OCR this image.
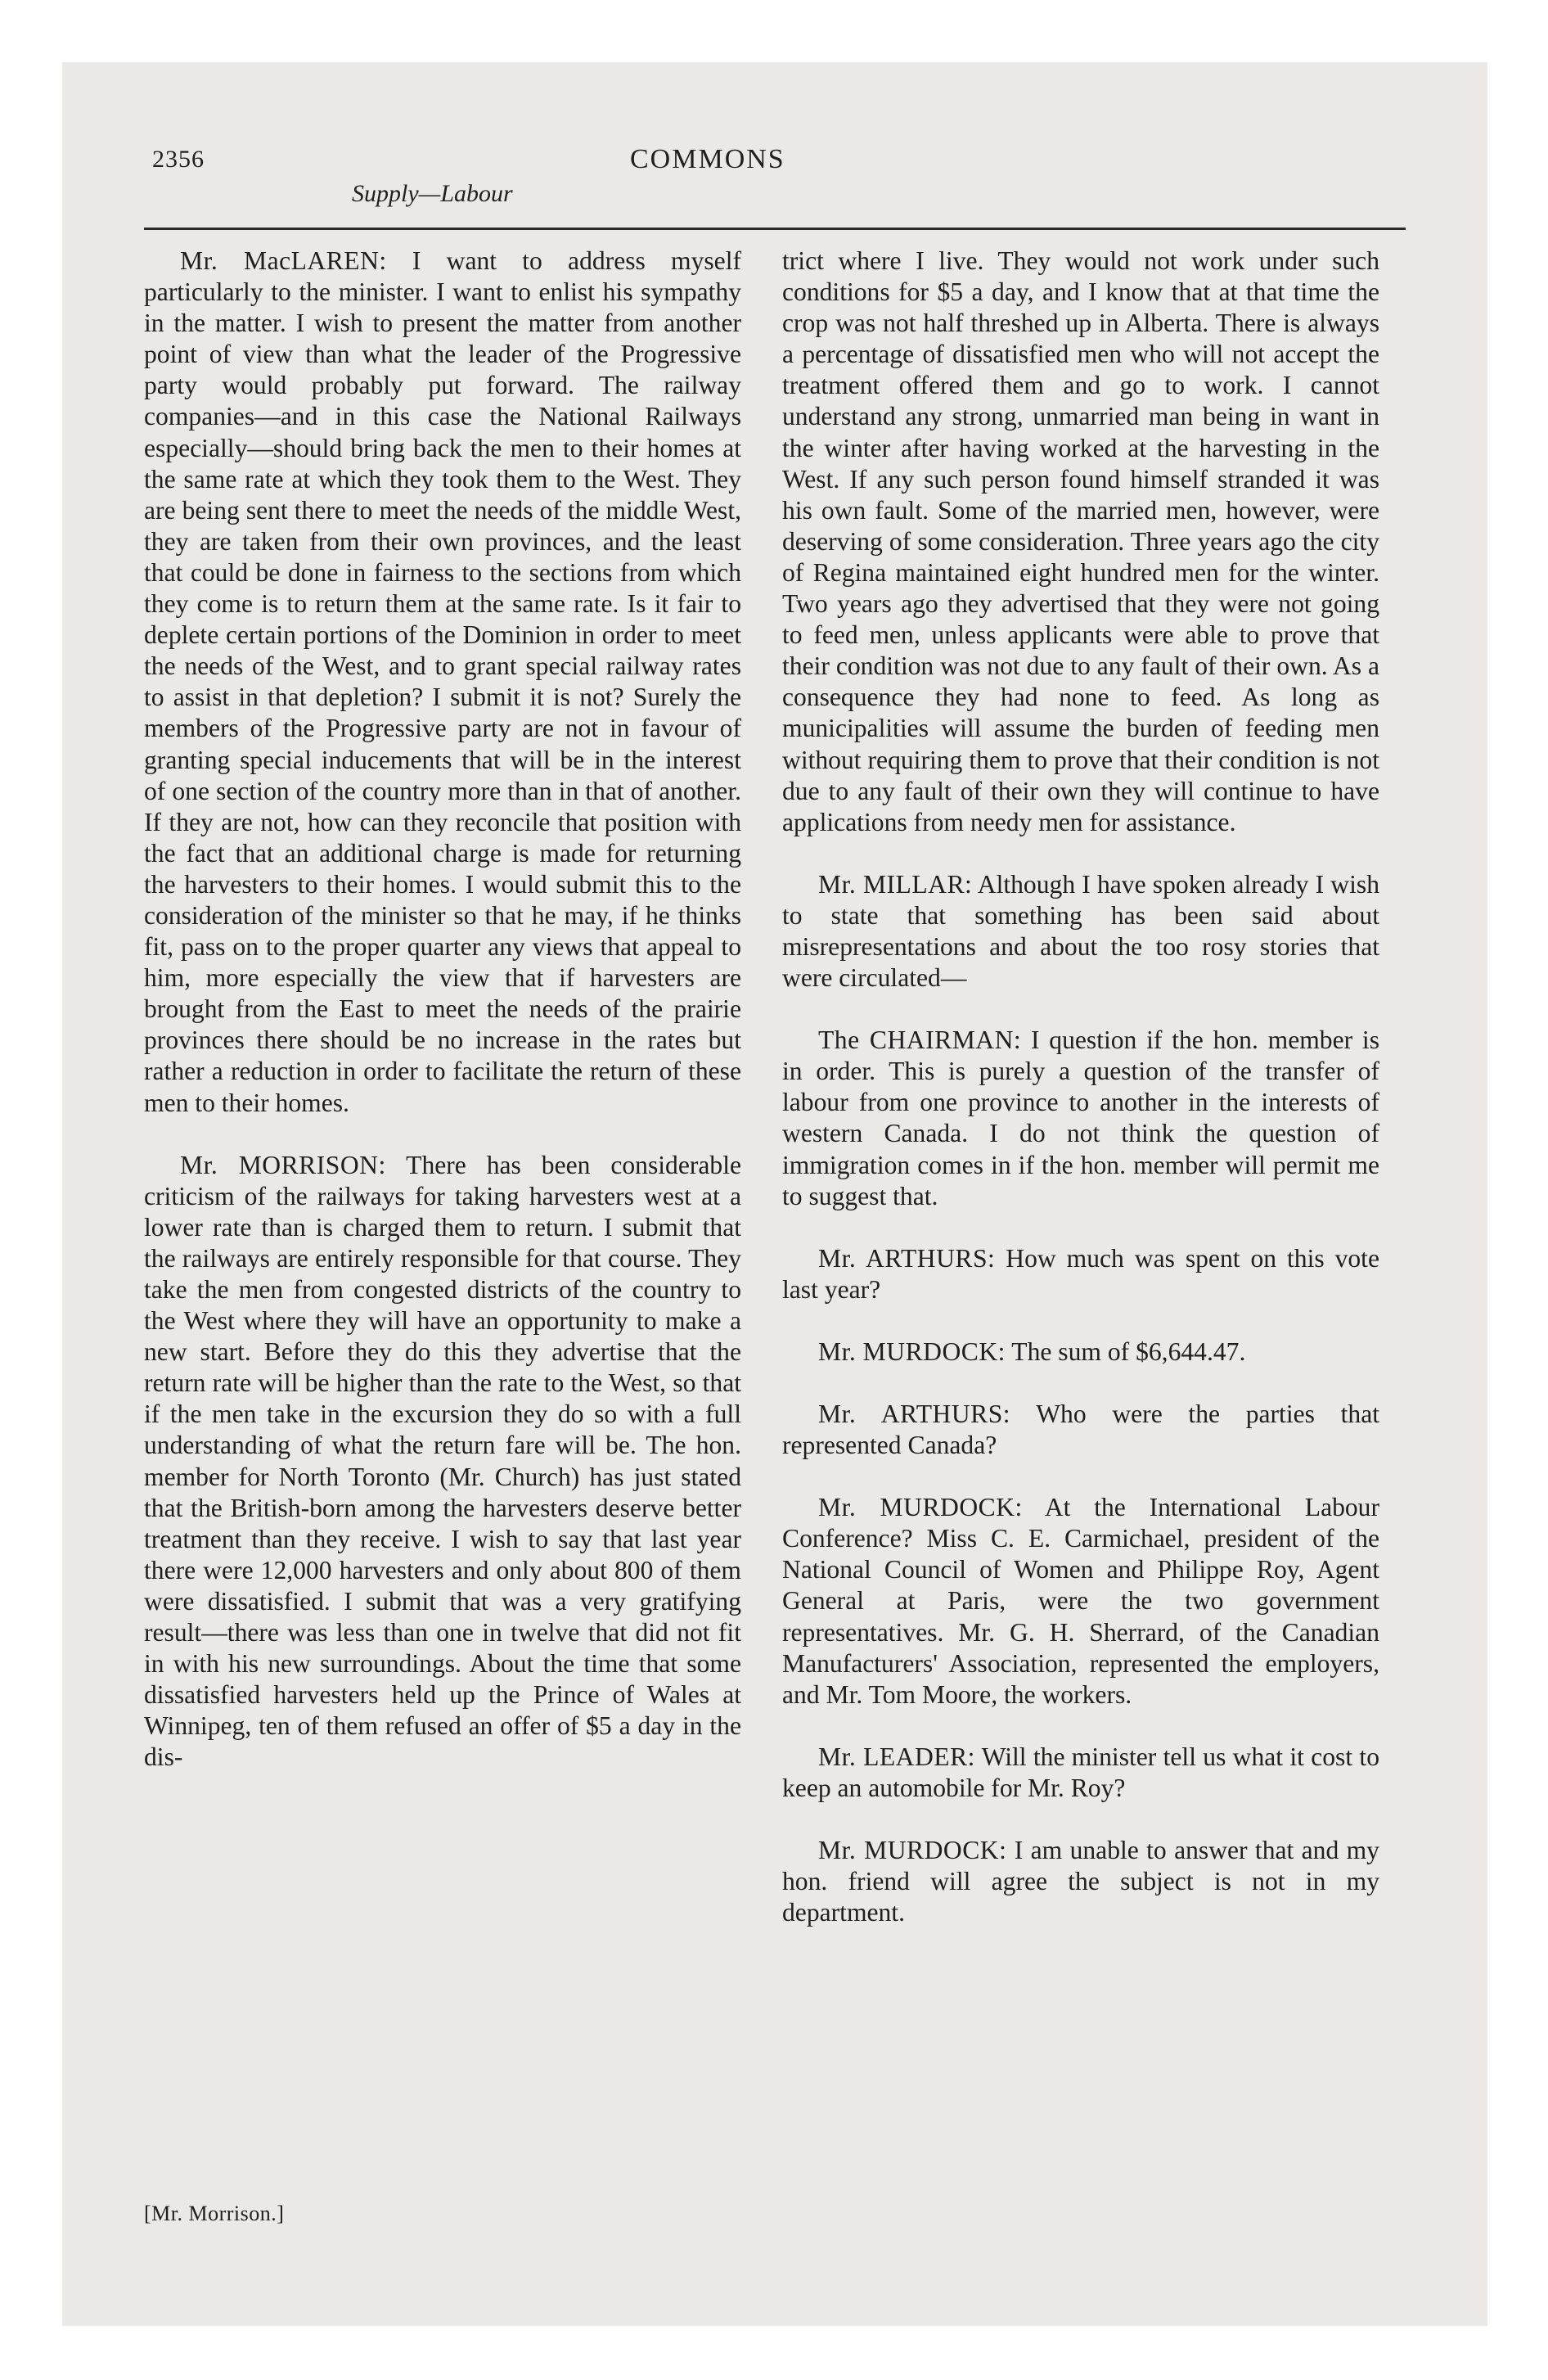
2356	COMMONS
Supply—Labour

Mr. MacLAREN: I want to address myself particularly to the minister. I want to enlist his sympathy in the matter. I wish to present the matter from another point of view than what the leader of the Progressive party would probably put forward. The railway companies—and in this case the National Railways especially—should bring back the men to their homes at the same rate at which they took them to the West. They are being sent there to meet the needs of the middle West, they are taken from their own provinces, and the least that could be done in fairness to the sections from which they come is to return them at the same rate. Is it fair to deplete certain portions of the Dominion in order to meet the needs of the West, and to grant special railway rates to assist in that depletion? I submit it is not? Surely the members of the Progressive party are not in favour of granting special inducements that will be in the interest of one section of the country more than in that of another. If they are not, how can they reconcile that position with the fact that an additional charge is made for returning the harvesters to their homes. I would submit this to the consideration of the minister so that he may, if he thinks fit, pass on to the proper quarter any views that appeal to him, more especially the view that if harvesters are brought from the East to meet the needs of the prairie provinces there should be no increase in the rates but rather a reduction in order to facilitate the return of these men to their homes.

Mr. MORRISON: There has been considerable criticism of the railways for taking harvesters west at a lower rate than is charged them to return. I submit that the railways are entirely responsible for that course. They take the men from congested districts of the country to the West where they will have an opportunity to make a new start. Before they do this they advertise that the return rate will be higher than the rate to the West, so that if the men take in the excursion they do so with a full understanding of what the return fare will be. The hon. member for North Toronto (Mr. Church) has just stated that the British-born among the harvesters deserve better treatment than they receive. I wish to say that last year there were 12,000 harvesters and only about 800 of them were dissatisfied. I submit that was a very gratifying result—there was less than one in twelve that did not fit in with his new surroundings. About the time that some dissatisfied harvesters held up the Prince of Wales at Winnipeg, ten of them refused an offer of $5 a day in the dis-

trict where I live. They would not work under such conditions for $5 a day, and I know that at that time the crop was not half threshed up in Alberta. There is always a percentage of dissatisfied men who will not accept the treatment offered them and go to work. I cannot understand any strong, unmarried man being in want in the winter after having worked at the harvesting in the West. If any such person found himself stranded it was his own fault. Some of the married men, however, were deserving of some consideration. Three years ago the city of Regina maintained eight hundred men for the winter. Two years ago they advertised that they were not going to feed men, unless applicants were able to prove that their condition was not due to any fault of their own. As a consequence they had none to feed. As long as municipalities will assume the burden of feeding men without requiring them to prove that their condition is not due to any fault of their own they will continue to have applications from needy men for assistance.

Mr. MILLAR: Although I have spoken already I wish to state that something has been said about misrepresentations and about the too rosy stories that were circulated—

The CHAIRMAN: I question if the hon. member is in order. This is purely a question of the transfer of labour from one province to another in the interests of western Canada. I do not think the question of immigration comes in if the hon. member will permit me to suggest that.

Mr. ARTHURS: How much was spent on this vote last year?

Mr. MURDOCK: The sum of $6,644.47.

Mr. ARTHURS: Who were the parties that represented Canada?

Mr. MURDOCK: At the International Labour Conference? Miss C. E. Carmichael, president of the National Council of Women and Philippe Roy, Agent General at Paris, were the two government representatives. Mr. G. H. Sherrard, of the Canadian Manufacturers' Association, represented the employers, and Mr. Tom Moore, the workers.

Mr. LEADER: Will the minister tell us what it cost to keep an automobile for Mr. Roy?

Mr. MURDOCK: I am unable to answer that and my hon. friend will agree the subject is not in my department.

[Mr. Morrison.]
